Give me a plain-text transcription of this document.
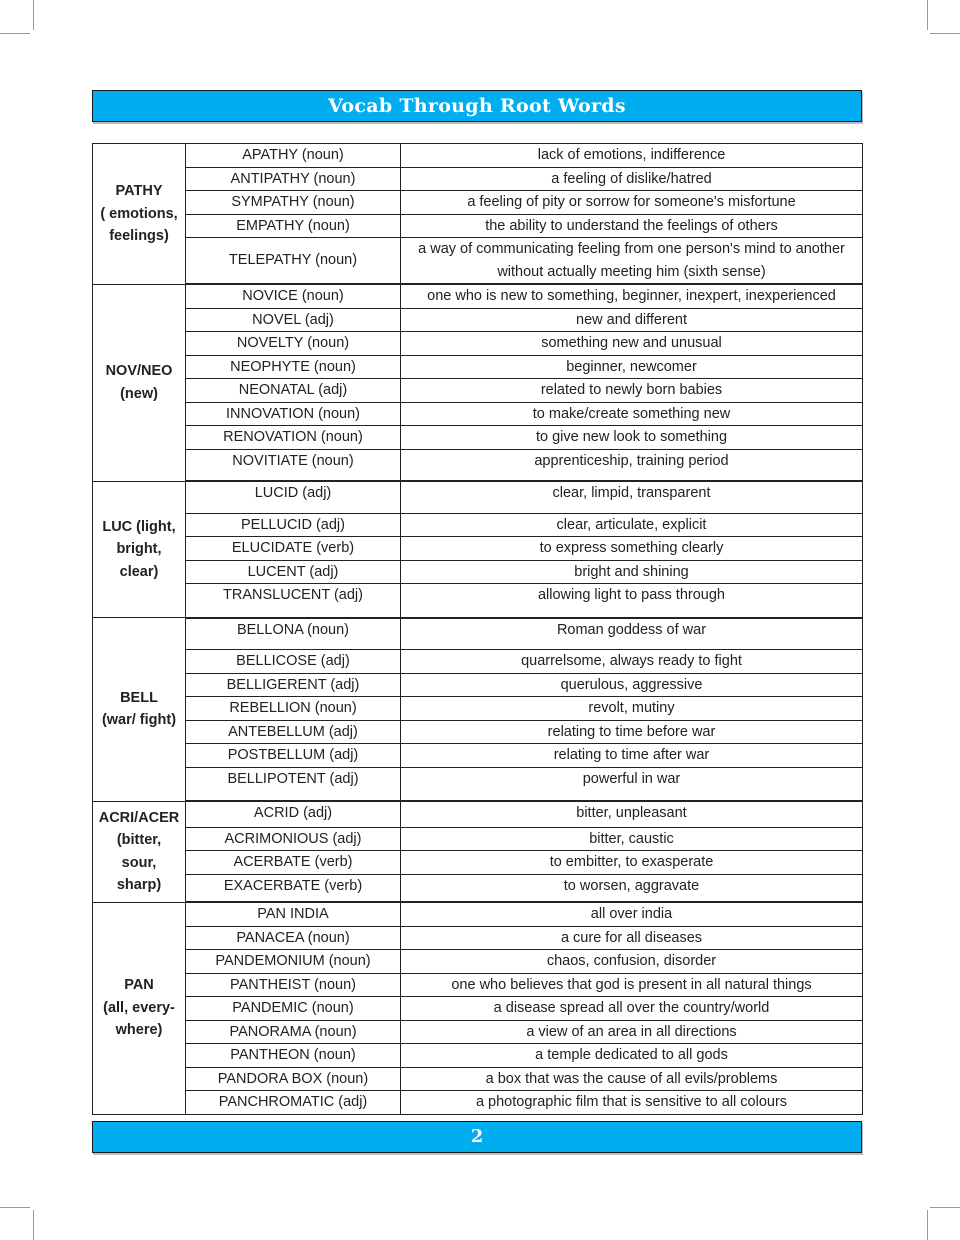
Vocab Through Root Words
PATHY
( emotions,
feelings)	APATHY (noun)	lack of emotions, indifference
	ANTIPATHY (noun)	a feeling of dislike/hatred
	SYMPATHY (noun)	a feeling of pity or sorrow for someone's misfortune
	EMPATHY (noun)	the ability to understand the feelings of others
	TELEPATHY (noun)	a way of communicating feeling from one person's mind to another without actually meeting him (sixth sense)

NOV/NEO
(new)	NOVICE (noun)	one who is new to something, beginner, inexpert, inexperienced
	NOVEL (adj)	new and different
	NOVELTY (noun)	something new and unusual
	NEOPHYTE (noun)	beginner, newcomer
	NEONATAL (adj)	related to newly born babies
	INNOVATION (noun)	to make/create something new
	RENOVATION (noun)	to give new look to something
	NOVITIATE (noun)	apprenticeship, training period

LUC (light,
bright,
clear)	LUCID (adj)	clear, limpid, transparent
	PELLUCID (adj)	clear, articulate, explicit
	ELUCIDATE (verb)	to express something clearly
	LUCENT (adj)	bright and shining
	TRANSLUCENT (adj)	allowing light to pass through

BELL
(war/ fight)	BELLONA (noun)	Roman goddess of war
	BELLICOSE (adj)	quarrelsome, always ready to fight
	BELLIGERENT (adj)	querulous, aggressive
	REBELLION (noun)	revolt, mutiny
	ANTEBELLUM (adj)	relating to time before war
	POSTBELLUM (adj)	relating to time after war
	BELLIPOTENT (adj)	powerful in war

ACRI/ACER
(bitter,
sour,
sharp)	ACRID (adj)	bitter, unpleasant
	ACRIMONIOUS (adj)	bitter, caustic
	ACERBATE (verb)	to embitter, to exasperate
	EXACERBATE (verb)	to worsen, aggravate

PAN
(all, every-
where)	PAN INDIA	all over india
	PANACEA (noun)	a cure for all diseases
	PANDEMONIUM (noun)	chaos, confusion, disorder
	PANTHEIST (noun)	one who believes that god is present in all natural things
	PANDEMIC (noun)	a disease spread all over the country/world
	PANORAMA (noun)	a view of an area in all directions
	PANTHEON (noun)	a temple dedicated to all gods
	PANDORA BOX (noun)	a box that was the cause of all evils/problems
	PANCHROMATIC (adj)	a photographic film that is sensitive to all colours
2
